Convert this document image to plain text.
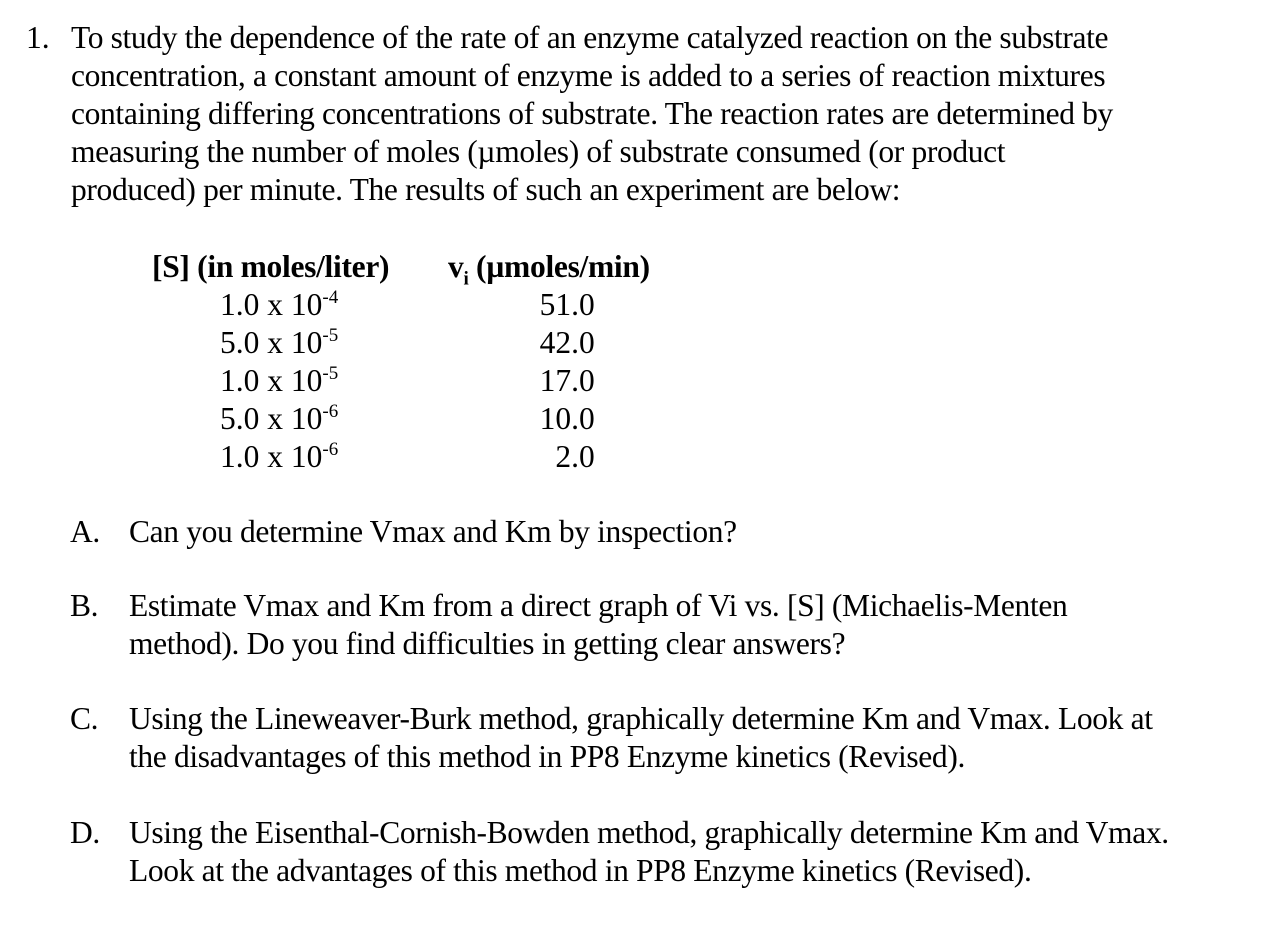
1. To study the dependence of the rate of an enzyme catalyzed reaction on the substrate
concentration, a constant amount of enzyme is added to a series of reaction mixtures
containing differing concentrations of substrate. The reaction rates are determined by
measuring the number of moles (µmoles) of substrate consumed (or product
produced) per minute. The results of such an experiment are below:
[S] (in moles/liter)	$v_i$ (µmoles/min)
1.0 x $10^{-4}$	51.0
5.0 x $10^{-5}$	42.0
1.0 x $10^{-5}$	17.0
5.0 x $10^{-6}$	10.0
1.0 x $10^{-6}$	2.0
A. Can you determine Vmax and Km by inspection?
B. Estimate Vmax and Km from a direct graph of Vi vs. [S] (Michaelis-Menten
method). Do you find difficulties in getting clear answers?
C. Using the Lineweaver-Burk method, graphically determine Km and Vmax. Look at
the disadvantages of this method in PP8 Enzyme kinetics (Revised).
D. Using the Eisenthal-Cornish-Bowden method, graphically determine Km and Vmax.
Look at the advantages of this method in PP8 Enzyme kinetics (Revised).
